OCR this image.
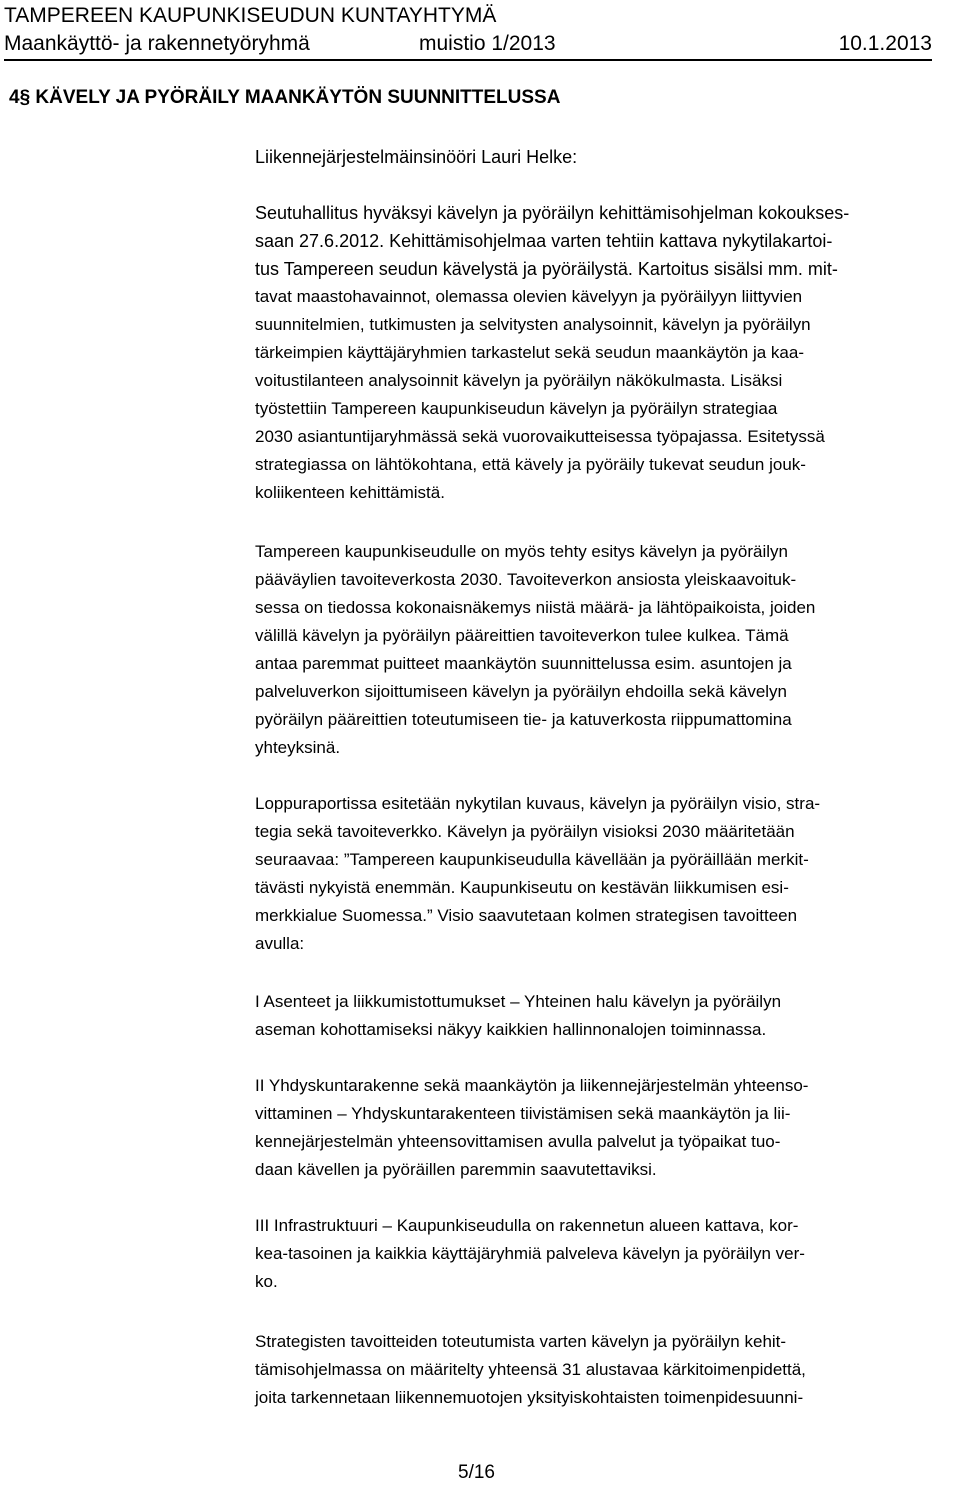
TAMPEREEN KAUPUNKISEUDUN KUNTAYHTYMÄ
Maankäyttö- ja rakennetyöryhmä	muistio 1/2013	10.1.2013
4§ KÄVELY JA PYÖRÄILY MAANKÄYTÖN SUUNNITTELUSSA
Liikennejärjestelmäinsinööri Lauri Helke:
Seutuhallitus hyväksyi kävelyn ja pyöräilyn kehittämisohjelman kokoukses-
saan 27.6.2012. Kehittämisohjelmaa varten tehtiin kattava nykytilakartoi-
tus Tampereen seudun kävelystä ja pyöräilystä. Kartoitus sisälsi mm. mit-
tavat maastohavainnot, olemassa olevien kävelyyn ja pyöräilyyn liittyvien
suunnitelmien, tutkimusten ja selvitysten analysoinnit, kävelyn ja pyöräilyn
tärkeimpien käyttäjäryhmien tarkastelut sekä seudun maankäytön ja kaa-
voitustilanteen analysoinnit kävelyn ja pyöräilyn näkökulmasta. Lisäksi
työstettiin Tampereen kaupunkiseudun kävelyn ja pyöräilyn strategiaa
2030 asiantuntijaryhmässä sekä vuorovaikutteisessa työpajassa. Esitetyssä
strategiassa on lähtökohtana, että kävely ja pyöräily tukevat seudun jouk-
koliikenteen kehittämistä.
Tampereen kaupunkiseudulle on myös tehty esitys kävelyn ja pyöräilyn
pääväylien tavoiteverkosta 2030. Tavoiteverkon ansiosta yleiskaavoituk-
sessa on tiedossa kokonaisnäkemys niistä määrä- ja lähtöpaikoista, joiden
välillä kävelyn ja pyöräilyn pääreittien tavoiteverkon tulee kulkea. Tämä
antaa paremmat puitteet maankäytön suunnittelussa esim. asuntojen ja
palveluverkon sijoittumiseen kävelyn ja pyöräilyn ehdoilla sekä kävelyn
pyöräilyn pääreittien toteutumiseen tie- ja katuverkosta riippumattomina
yhteyksinä.
Loppuraportissa esitetään nykytilan kuvaus, kävelyn ja pyöräilyn visio, stra-
tegia sekä tavoiteverkko. Kävelyn ja pyöräilyn visioksi 2030 määritetään
seuraavaa: ”Tampereen kaupunkiseudulla kävellään ja pyöräillään merkit-
tävästi nykyistä enemmän. Kaupunkiseutu on kestävän liikkumisen esi-
merkkialue Suomessa.” Visio saavutetaan kolmen strategisen tavoitteen
avulla:
I Asenteet ja liikkumistottumukset – Yhteinen halu kävelyn ja pyöräilyn
aseman kohottamiseksi näkyy kaikkien hallinnonalojen toiminnassa.
II Yhdyskuntarakenne sekä maankäytön ja liikennejärjestelmän yhteenso-
vittaminen – Yhdyskuntarakenteen tiivistämisen sekä maankäytön ja lii-
kennejärjestelmän yhteensovittamisen avulla palvelut ja työpaikat tuo-
daan kävellen ja pyöräillen paremmin saavutettaviksi.
III Infrastruktuuri – Kaupunkiseudulla on rakennetun alueen kattava, kor-
kea-tasoinen ja kaikkia käyttäjäryhmiä palveleva kävelyn ja pyöräilyn ver-
ko.
Strategisten tavoitteiden toteutumista varten kävelyn ja pyöräilyn kehit-
tämisohjelmassa on määritelty yhteensä 31 alustavaa kärkitoimenpidettä,
joita tarkennetaan liikennemuotojen yksityiskohtaisten toimenpidesuunni-
5/16
